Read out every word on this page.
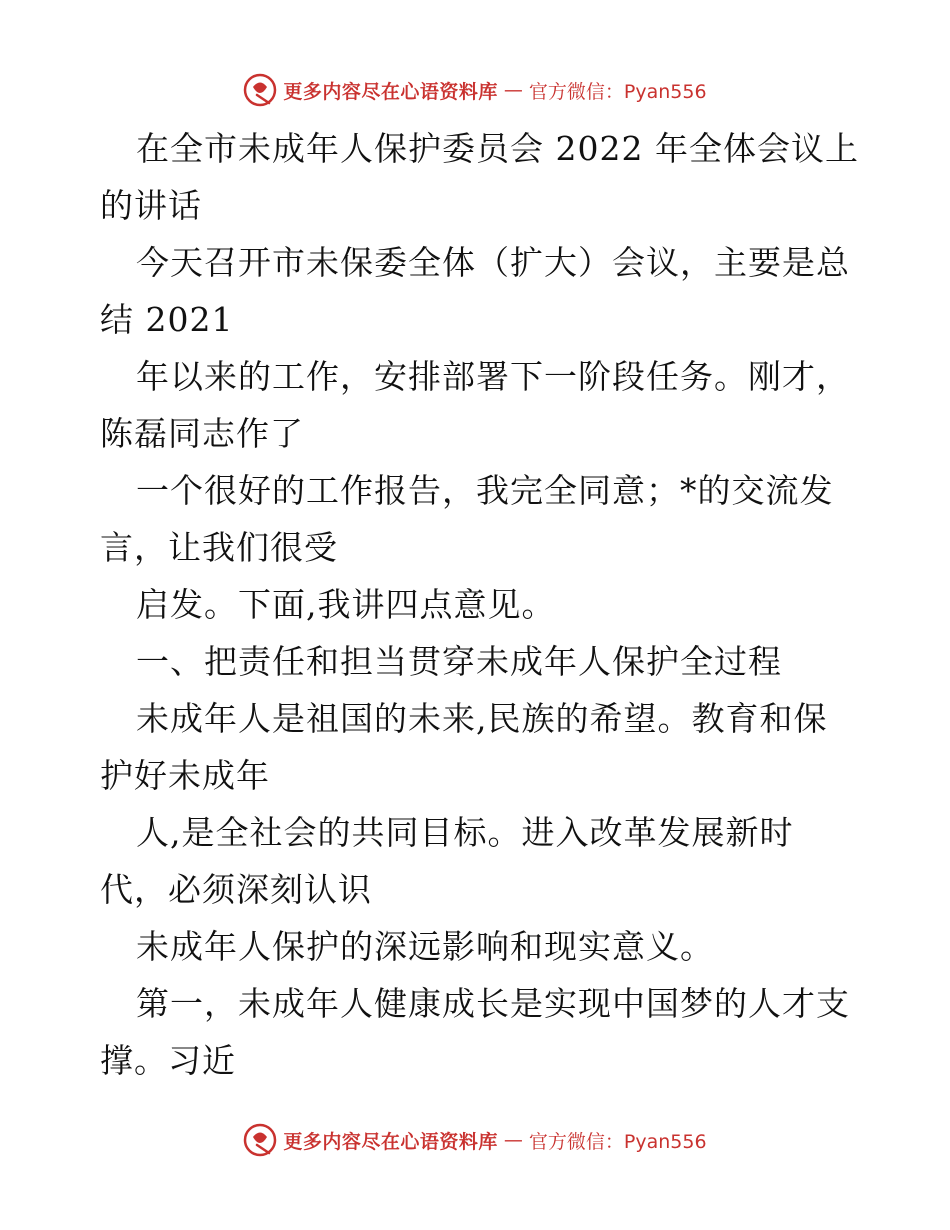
更多内容尽在心语资料库 — 官方微信：Pyan556
在全市未成年人保护委员会 2022 年全体会议上
的讲话
今天召开市未保委全体（扩大）会议，主要是总
结 2021
年以来的工作，安排部署下一阶段任务。刚才，
陈磊同志作了
一个很好的工作报告，我完全同意；*的交流发
言，让我们很受
启发。下面,我讲四点意见。
一、把责任和担当贯穿未成年人保护全过程
未成年人是祖国的未来,民族的希望。教育和保
护好未成年
人,是全社会的共同目标。进入改革发展新时
代，必须深刻认识
未成年人保护的深远影响和现实意义。
第一，未成年人健康成长是实现中国梦的人才支
撑。习近
更多内容尽在心语资料库 — 官方微信：Pyan556
